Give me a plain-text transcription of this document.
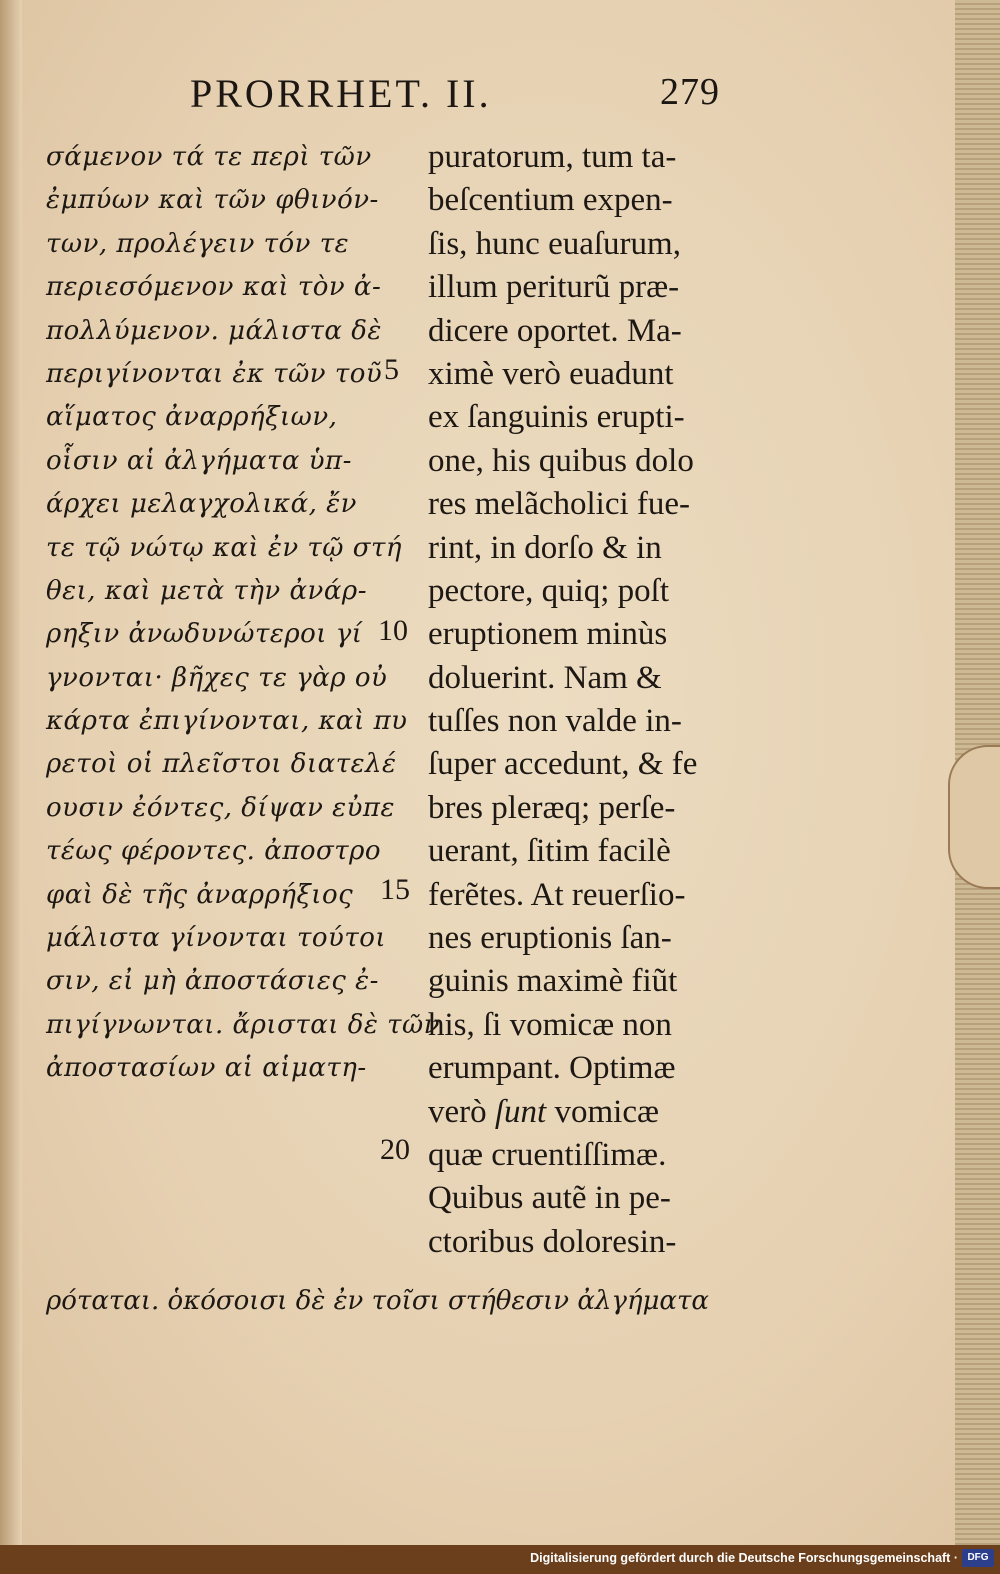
PRORRHET. II.	279
σάμενον τά τε περὶ τῶν
ἐμπύων καὶ τῶν φθινόν-
των, προλέγειν τόν τε
περιεσόμενον καὶ τὸν ἀ-
πολλύμενον. μάλιστα δὲ
περιγίνονται ἐκ τῶν τοῦ
αἵματος ἀναρρήξιων,
οἷσιν αἱ ἀλγήματα ὑπ-
άρχει μελαγχολικά, ἔν
τε τῷ νώτῳ καὶ ἐν τῷ στή
θει, καὶ μετὰ τὴν ἀνάρ-
ρηξιν ἀνωδυνώτεροι γί
γνονται· βῆχες τε γὰρ οὐ
κάρτα ἐπιγίνονται, καὶ πυ
ρετοὶ οἱ πλεῖστοι διατελέ
ουσιν ἐόντες, δίψαν εὐπε
τέως φέροντες. ἀποστρο
φαὶ δὲ τῆς ἀναρρήξιος
μάλιστα γίνονται τούτοι
σιν, εἰ μὴ ἀποστάσιες ἐ-
πιγίγνωνται. ἄρισται δὲ τῶν
ἀποστασίων αἱ αἱματη-
5
10
15
20
puratorum, tum ta-
beſcentium expen-
ſis, hunc euaſurum,
illum periturũ præ-
dicere oportet. Ma-
ximè verò euadunt
ex ſanguinis erupti-
one, his quibus dolo
res melãcholici fue-
rint, in dorſo & in
pectore, quiq; poſt
eruptionem minùs
doluerint. Nam &
tuſſes non valde in-
ſuper accedunt, & fe
bres pleræq; perſe-
uerant, ſitim facilè
ferẽtes. At reuerſio-
nes eruptionis ſan-
guinis maximè fiũt
his, ſi vomicæ non
erumpant. Optimæ
verò ſunt vomicæ
quæ cruentiſſimæ.
Quibus autẽ in pe-
ctoribus doloresin-
ρόταται. ὁκόσοισι δὲ ἐν τοῖσι στήθεσιν ἀλγήματα
Digitalisierung gefördert durch die Deutsche Forschungsgemeinschaft · DFG
